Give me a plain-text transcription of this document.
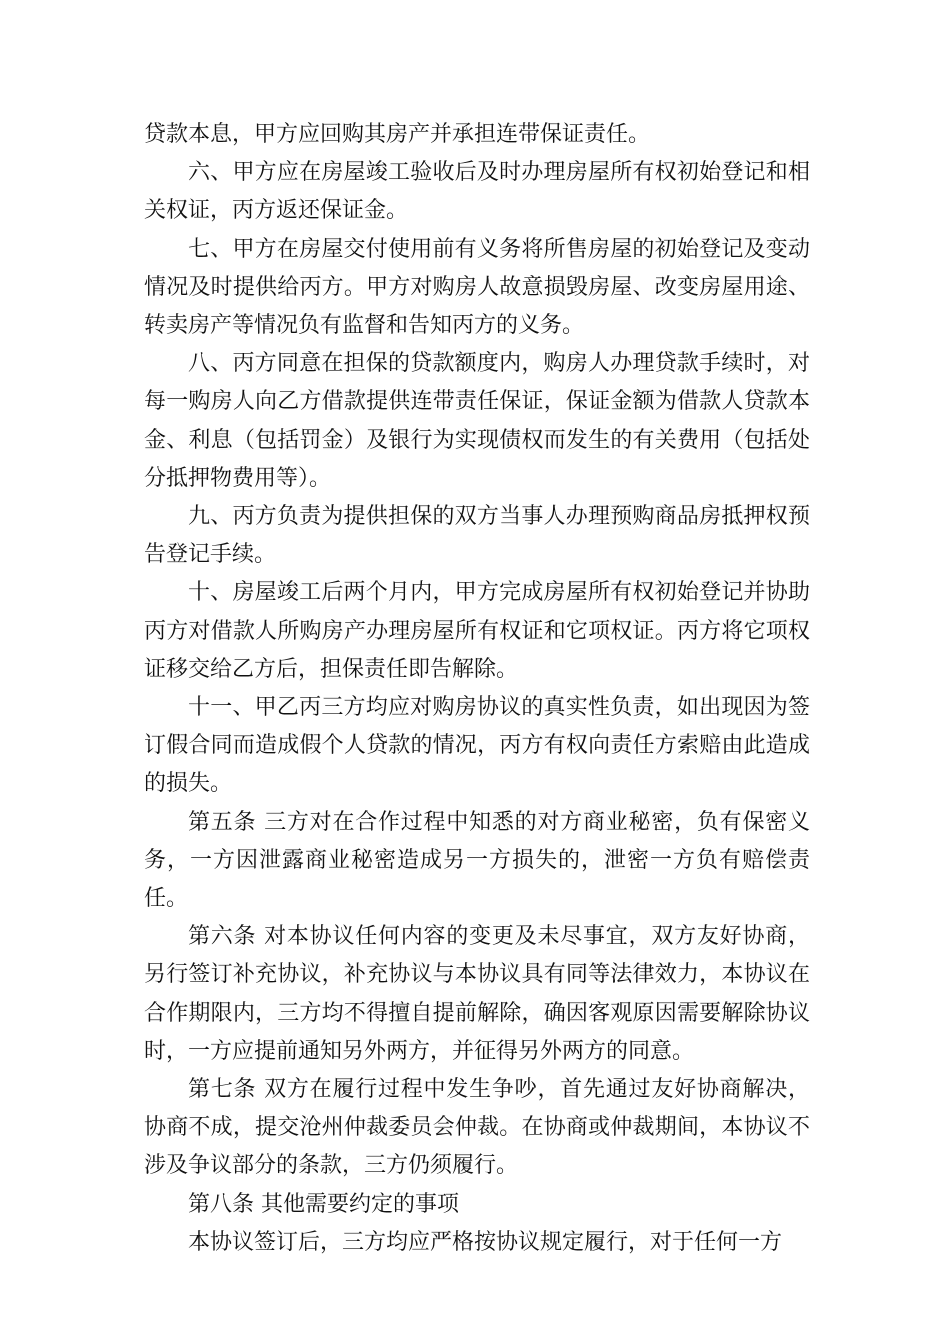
贷款本息，甲方应回购其房产并承担连带保证责任。

六、甲方应在房屋竣工验收后及时办理房屋所有权初始登记和相关权证，丙方返还保证金。

七、甲方在房屋交付使用前有义务将所售房屋的初始登记及变动情况及时提供给丙方。甲方对购房人故意损毁房屋、改变房屋用途、转卖房产等情况负有监督和告知丙方的义务。

八、丙方同意在担保的贷款额度内，购房人办理贷款手续时，对每一购房人向乙方借款提供连带责任保证，保证金额为借款人贷款本金、利息（包括罚金）及银行为实现债权而发生的有关费用（包括处分抵押物费用等）。

九、丙方负责为提供担保的双方当事人办理预购商品房抵押权预告登记手续。

十、房屋竣工后两个月内，甲方完成房屋所有权初始登记并协助丙方对借款人所购房产办理房屋所有权证和它项权证。丙方将它项权证移交给乙方后，担保责任即告解除。

十一、甲乙丙三方均应对购房协议的真实性负责，如出现因为签订假合同而造成假个人贷款的情况，丙方有权向责任方索赔由此造成的损失。

第五条 三方对在合作过程中知悉的对方商业秘密，负有保密义务，一方因泄露商业秘密造成另一方损失的，泄密一方负有赔偿责任。

第六条 对本协议任何内容的变更及未尽事宜，双方友好协商，另行签订补充协议，补充协议与本协议具有同等法律效力，本协议在合作期限内，三方均不得擅自提前解除，确因客观原因需要解除协议时，一方应提前通知另外两方，并征得另外两方的同意。

第七条 双方在履行过程中发生争吵，首先通过友好协商解决，协商不成，提交沧州仲裁委员会仲裁。在协商或仲裁期间，本协议不涉及争议部分的条款，三方仍须履行。

第八条 其他需要约定的事项

本协议签订后，三方均应严格按协议规定履行，对于任何一方
